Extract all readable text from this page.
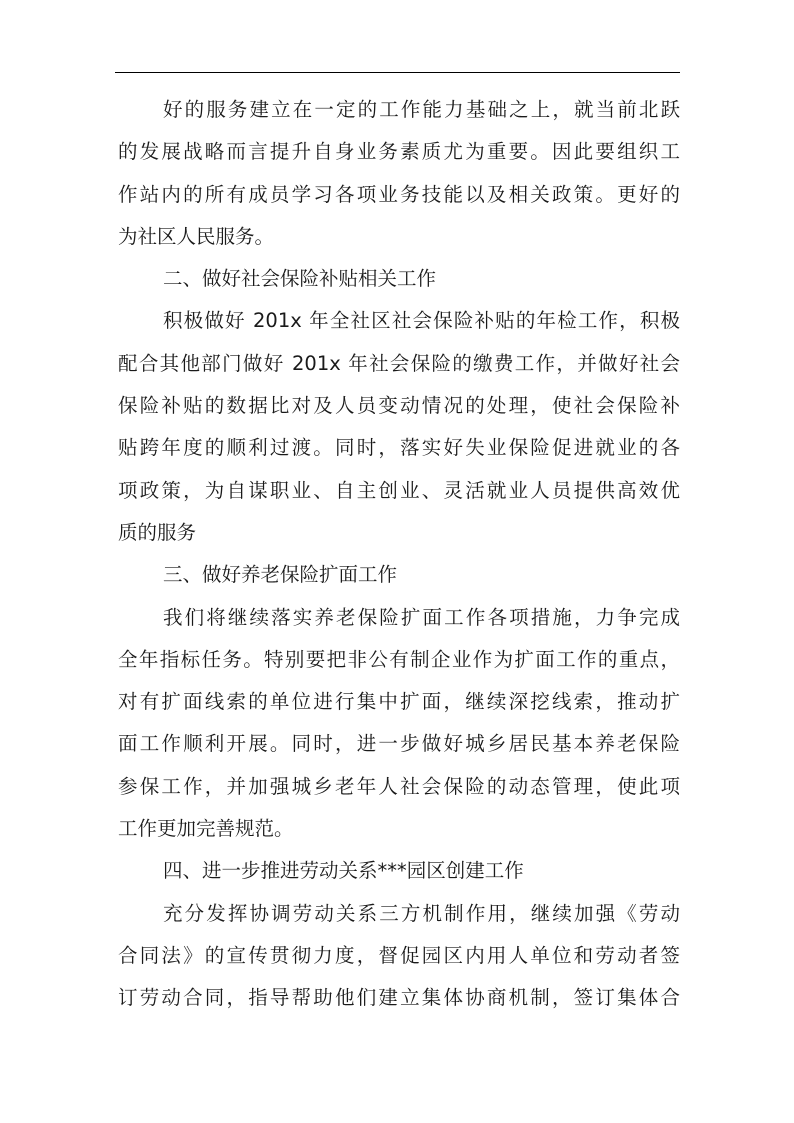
好的服务建立在一定的工作能力基础之上，就当前北跃
的发展战略而言提升自身业务素质尤为重要。因此要组织工
作站内的所有成员学习各项业务技能以及相关政策。更好的
为社区人民服务。
二、做好社会保险补贴相关工作
积极做好 201x 年全社区社会保险补贴的年检工作，积极
配合其他部门做好 201x 年社会保险的缴费工作，并做好社会
保险补贴的数据比对及人员变动情况的处理，使社会保险补
贴跨年度的顺利过渡。同时，落实好失业保险促进就业的各
项政策，为自谋职业、自主创业、灵活就业人员提供高效优
质的服务
三、做好养老保险扩面工作
我们将继续落实养老保险扩面工作各项措施，力争完成
全年指标任务。特别要把非公有制企业作为扩面工作的重点，
对有扩面线索的单位进行集中扩面，继续深挖线索，推动扩
面工作顺利开展。同时，进一步做好城乡居民基本养老保险
参保工作，并加强城乡老年人社会保险的动态管理，使此项
工作更加完善规范。
四、进一步推进劳动关系***园区创建工作
充分发挥协调劳动关系三方机制作用，继续加强《劳动
合同法》的宣传贯彻力度，督促园区内用人单位和劳动者签
订劳动合同，指导帮助他们建立集体协商机制，签订集体合
